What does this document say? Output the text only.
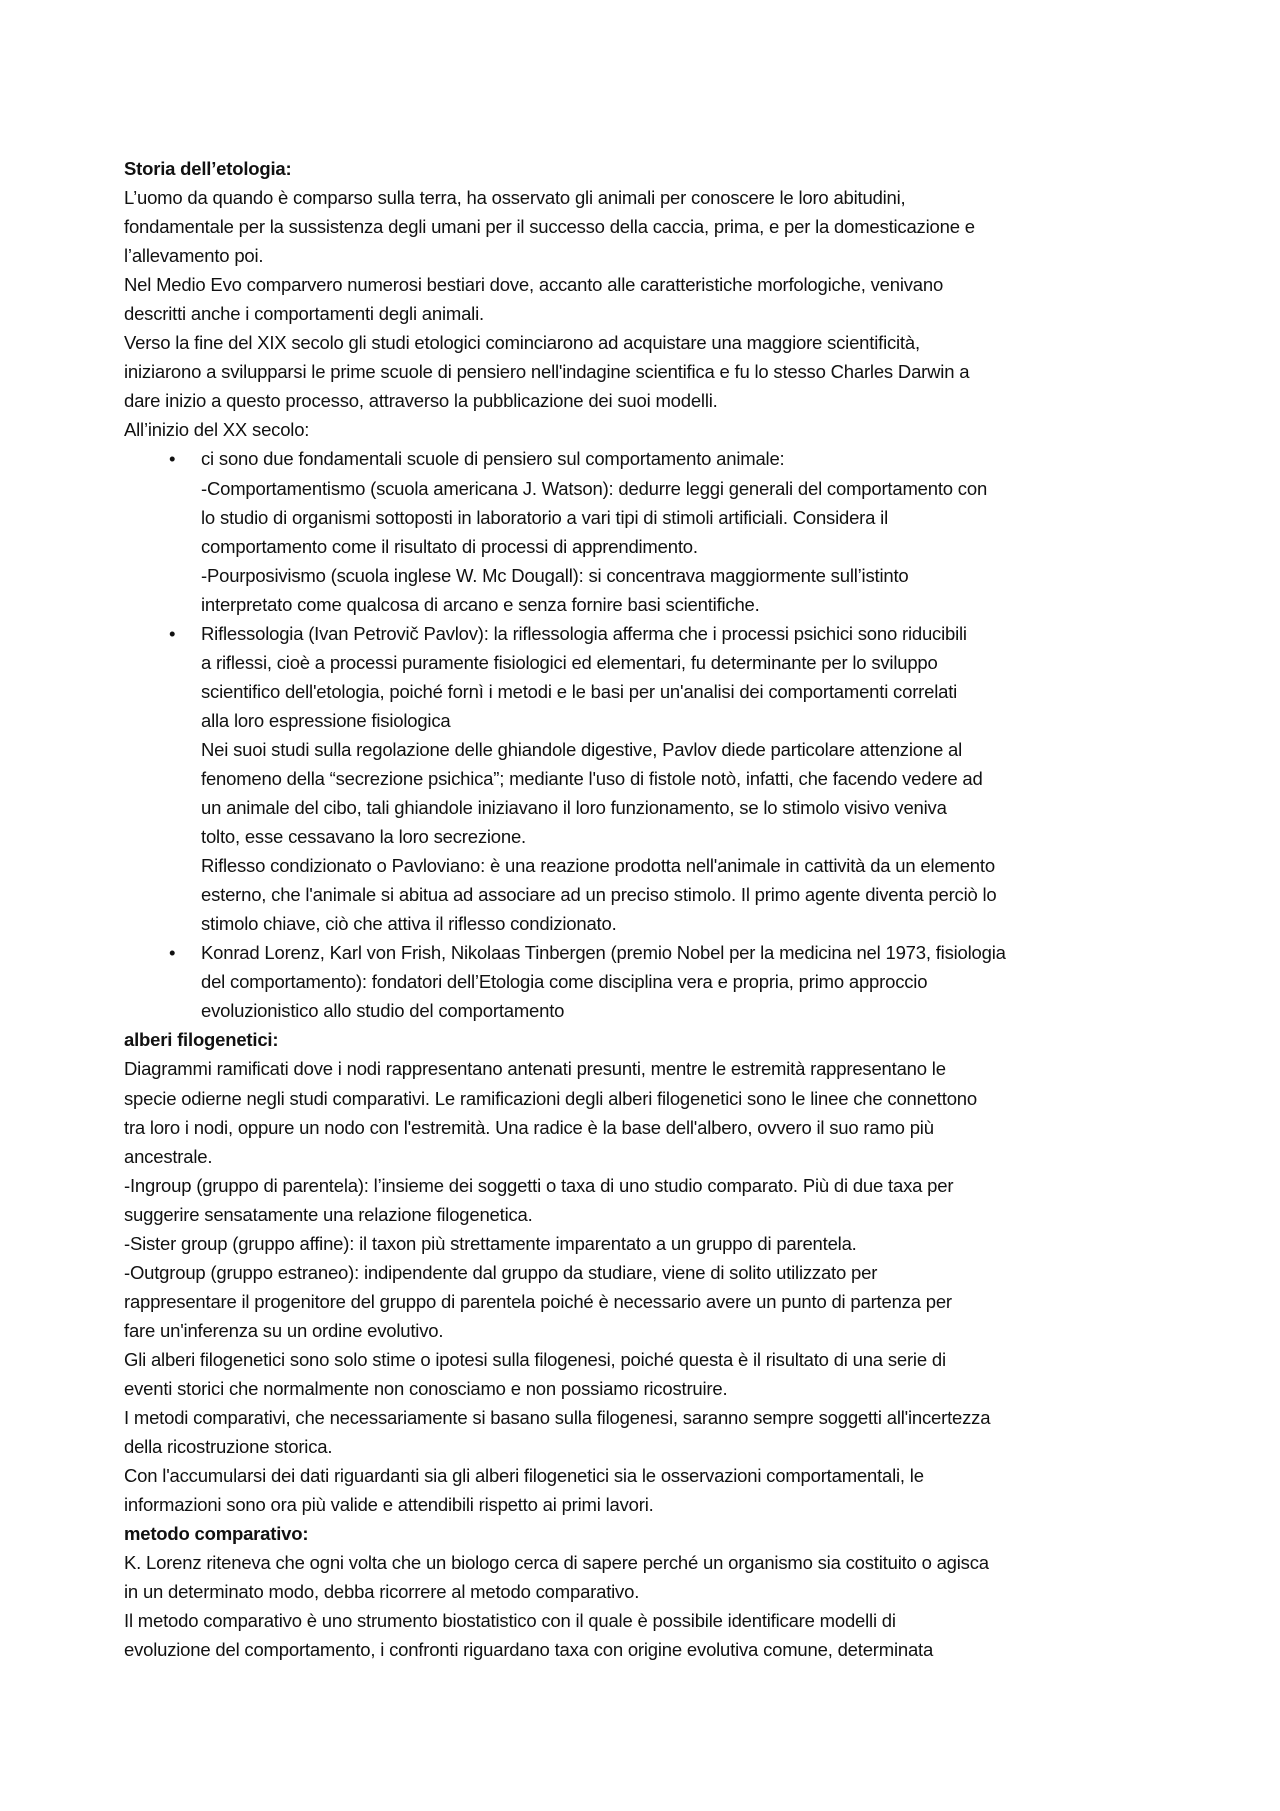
Storia dell’etologia:
L’uomo da quando è comparso sulla terra, ha osservato gli animali per conoscere le loro abitudini,
fondamentale per la sussistenza degli umani per il successo della caccia, prima, e per la domesticazione e
l’allevamento poi.
Nel Medio Evo comparvero numerosi bestiari dove, accanto alle caratteristiche morfologiche, venivano
descritti anche i comportamenti degli animali.
Verso la fine del XIX secolo gli studi etologici cominciarono ad acquistare una maggiore scientificità,
iniziarono a svilupparsi le prime scuole di pensiero nell'indagine scientifica e fu lo stesso Charles Darwin a
dare inizio a questo processo, attraverso la pubblicazione dei suoi modelli.
All’inizio del XX secolo:
• ci sono due fondamentali scuole di pensiero sul comportamento animale:
-Comportamentismo (scuola americana J. Watson): dedurre leggi generali del comportamento con
lo studio di organismi sottoposti in laboratorio a vari tipi di stimoli artificiali. Considera il
comportamento come il risultato di processi di apprendimento.
-Pourposivismo (scuola inglese W. Mc Dougall): si concentrava maggiormente sull’istinto
interpretato come qualcosa di arcano e senza fornire basi scientifiche.
• Riflessologia (Ivan Petrovič Pavlov): la riflessologia afferma che i processi psichici sono riducibili
a riflessi, cioè a processi puramente fisiologici ed elementari, fu determinante per lo sviluppo
scientifico dell'etologia, poiché fornì i metodi e le basi per un'analisi dei comportamenti correlati
alla loro espressione fisiologica
Nei suoi studi sulla regolazione delle ghiandole digestive, Pavlov diede particolare attenzione al
fenomeno della “secrezione psichica”; mediante l'uso di fistole notò, infatti, che facendo vedere ad
un animale del cibo, tali ghiandole iniziavano il loro funzionamento, se lo stimolo visivo veniva
tolto, esse cessavano la loro secrezione.
Riflesso condizionato o Pavloviano: è una reazione prodotta nell'animale in cattività da un elemento
esterno, che l'animale si abitua ad associare ad un preciso stimolo. Il primo agente diventa perciò lo
stimolo chiave, ciò che attiva il riflesso condizionato.
• Konrad Lorenz, Karl von Frish, Nikolaas Tinbergen (premio Nobel per la medicina nel 1973, fisiologia
del comportamento): fondatori dell’Etologia come disciplina vera e propria, primo approccio
evoluzionistico allo studio del comportamento
alberi filogenetici:
Diagrammi ramificati dove i nodi rappresentano antenati presunti, mentre le estremità rappresentano le
specie odierne negli studi comparativi. Le ramificazioni degli alberi filogenetici sono le linee che connettono
tra loro i nodi, oppure un nodo con l'estremità. Una radice è la base dell'albero, ovvero il suo ramo più
ancestrale.
-Ingroup (gruppo di parentela): l’insieme dei soggetti o taxa di uno studio comparato. Più di due taxa per
suggerire sensatamente una relazione filogenetica.
-Sister group (gruppo affine): il taxon più strettamente imparentato a un gruppo di parentela.
-Outgroup (gruppo estraneo): indipendente dal gruppo da studiare, viene di solito utilizzato per
rappresentare il progenitore del gruppo di parentela poiché è necessario avere un punto di partenza per
fare un'inferenza su un ordine evolutivo.
Gli alberi filogenetici sono solo stime o ipotesi sulla filogenesi, poiché questa è il risultato di una serie di
eventi storici che normalmente non conosciamo e non possiamo ricostruire.
I metodi comparativi, che necessariamente si basano sulla filogenesi, saranno sempre soggetti all'incertezza
della ricostruzione storica.
Con l'accumularsi dei dati riguardanti sia gli alberi filogenetici sia le osservazioni comportamentali, le
informazioni sono ora più valide e attendibili rispetto ai primi lavori.
metodo comparativo:
K. Lorenz riteneva che ogni volta che un biologo cerca di sapere perché un organismo sia costituito o agisca
in un determinato modo, debba ricorrere al metodo comparativo.
Il metodo comparativo è uno strumento biostatistico con il quale è possibile identificare modelli di
evoluzione del comportamento, i confronti riguardano taxa con origine evolutiva comune, determinata
